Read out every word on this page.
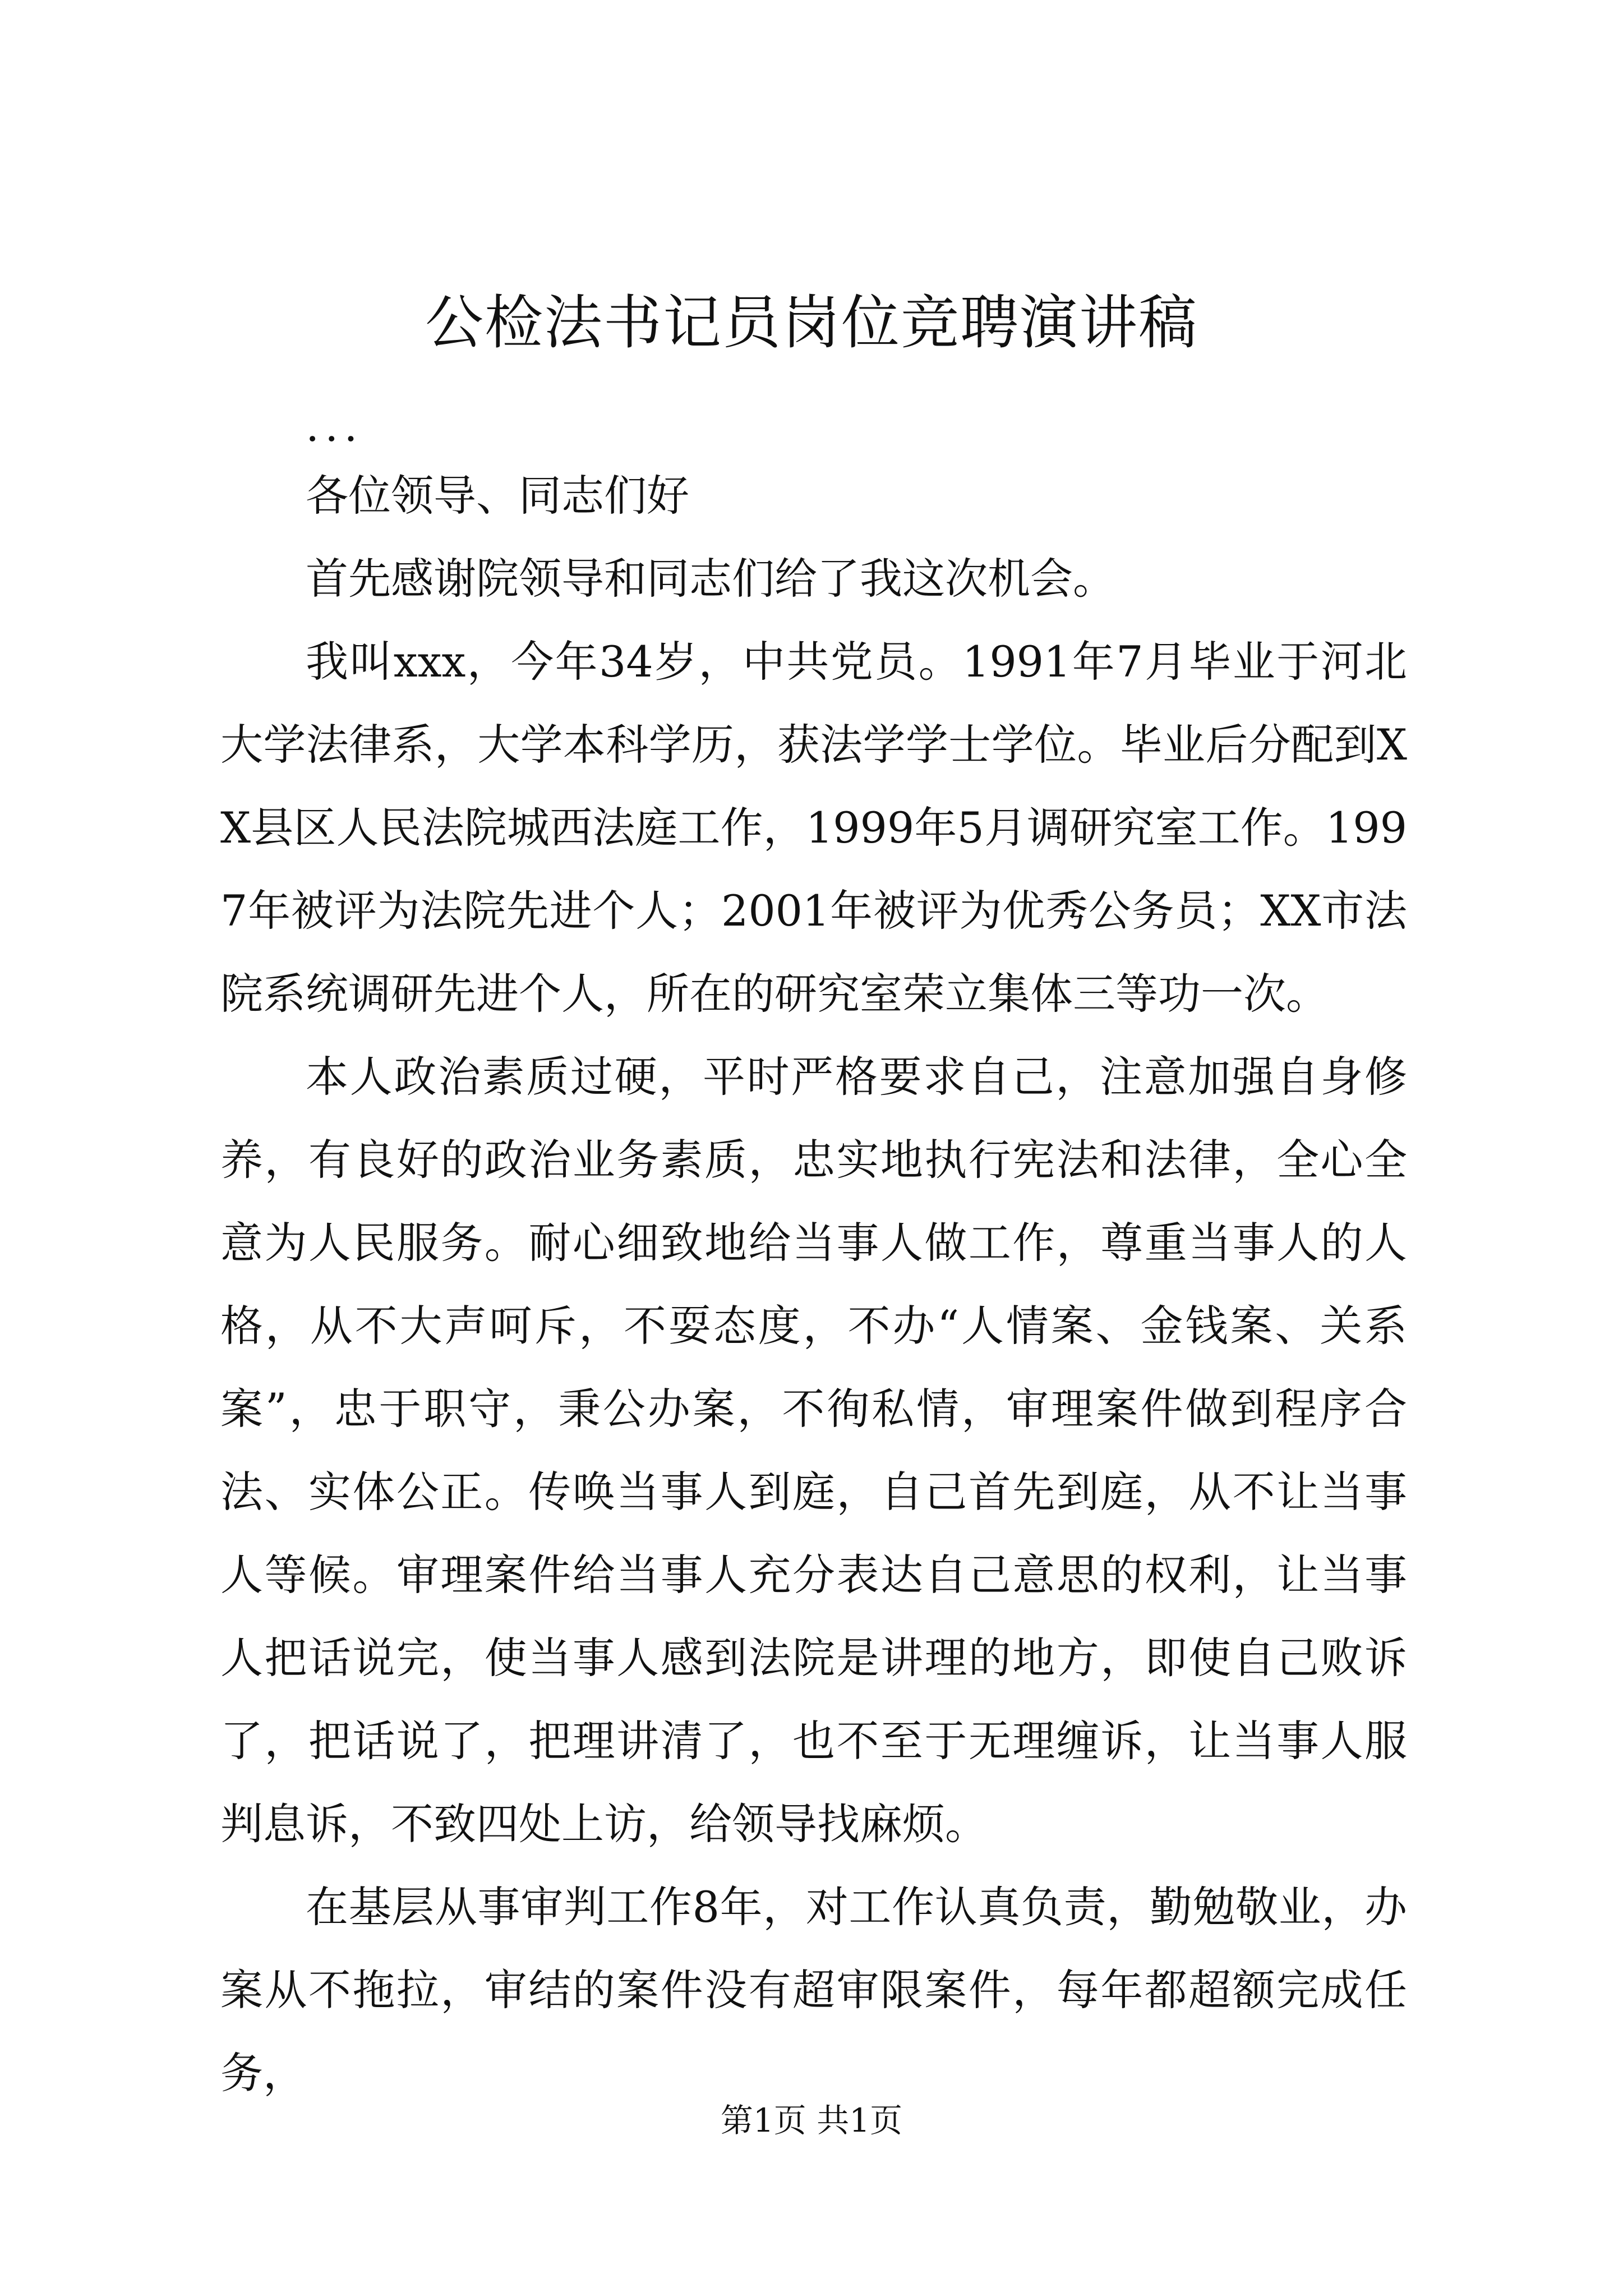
公检法书记员岗位竞聘演讲稿

...

各位领导、同志们好

首先感谢院领导和同志们给了我这次机会。

我叫xxx，今年34岁，中共党员。1991年7月毕业于河北大学法律系，大学本科学历，获法学学士学位。毕业后分配到XX县区人民法院城西法庭工作，1999年5月调研究室工作。1997年被评为法院先进个人；2001年被评为优秀公务员；XX市法院系统调研先进个人，所在的研究室荣立集体三等功一次。

本人政治素质过硬，平时严格要求自己，注意加强自身修养，有良好的政治业务素质，忠实地执行宪法和法律，全心全意为人民服务。耐心细致地给当事人做工作，尊重当事人的人格，从不大声呵斥，不耍态度，不办“人情案、金钱案、关系案”，忠于职守，秉公办案，不徇私情，审理案件做到程序合法、实体公正。传唤当事人到庭，自己首先到庭，从不让当事人等候。审理案件给当事人充分表达自己意思的权利，让当事人把话说完，使当事人感到法院是讲理的地方，即使自己败诉了，把话说了，把理讲清了，也不至于无理缠诉，让当事人服判息诉，不致四处上访，给领导找麻烦。

在基层从事审判工作8年，对工作认真负责，勤勉敬业，办案从不拖拉，审结的案件没有超审限案件，每年都超额完成任务，

第1页 共1页
